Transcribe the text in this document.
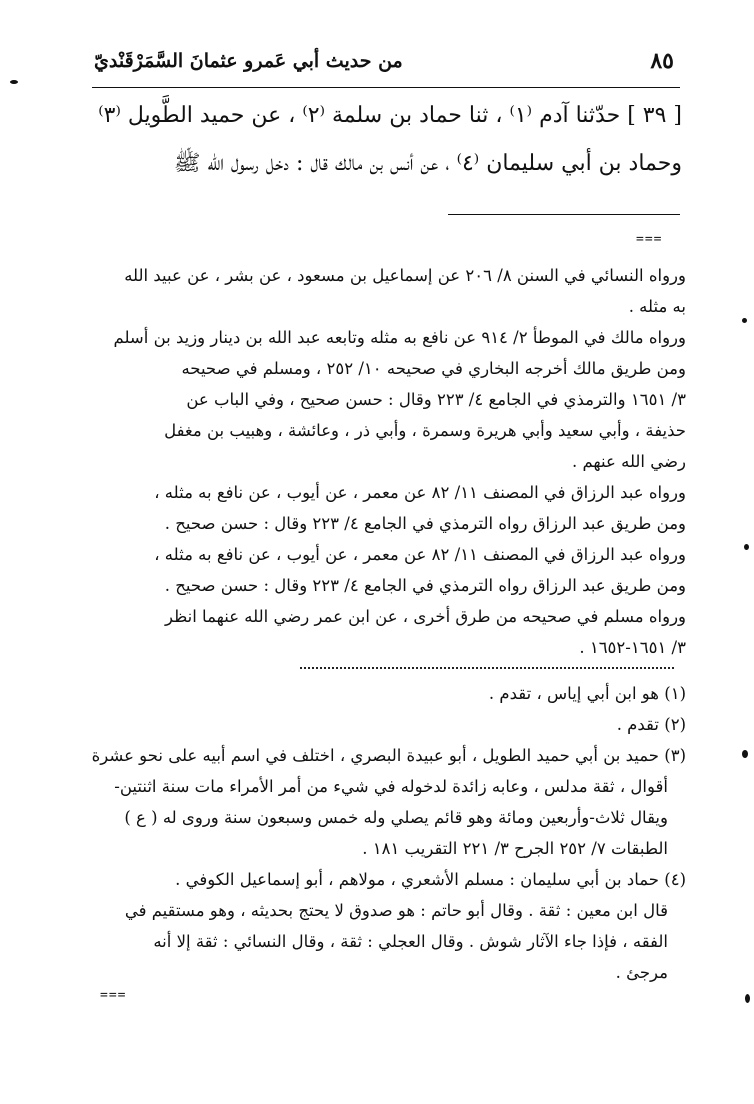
٨٥
من حديث أبي عَمرو عثمانَ السَّمَرْقَنْديّ

[ ٣٩ ] حدّثنا آدم ⁽١⁾ ، ثنا حماد بن سلمة ⁽٢⁾ ، عن حميد الطَّويل ⁽٣⁾

وحماد بن أبي سليمان ⁽٤⁾ ، عن أنس بن مالك قال : دخل رسول الله ﷺ

===

ورواه النسائي في السنن ٨/ ٢٠٦ عن إسماعيل بن مسعود ، عن بشر ، عن عبيد الله

به مثله .

ورواه مالك في الموطأ ٢/ ٩١٤ عن نافع به مثله وتابعه عبد الله بن دينار وزيد بن أسلم

ومن طريق مالك أخرجه البخاري في صحيحه ١٠/ ٢٥٢ ، ومسلم في صحيحه

٣/ ١٦٥١ والترمذي في الجامع ٤/ ٢٢٣ وقال : حسن صحيح ، وفي الباب عن

حذيفة ، وأبي سعيد وأبي هريرة وسمرة ، وأبي ذر ، وعائشة ، وهبيب بن مغفل

رضي الله عنهم .

ورواه عبد الرزاق في المصنف ١١/ ٨٢ عن معمر ، عن أيوب ، عن نافع به مثله ،

ومن طريق عبد الرزاق رواه الترمذي في الجامع ٤/ ٢٢٣ وقال : حسن صحيح .

ورواه عبد الرزاق في المصنف ١١/ ٨٢ عن معمر ، عن أيوب ، عن نافع به مثله ،

ومن طريق عبد الرزاق رواه الترمذي في الجامع ٤/ ٢٢٣ وقال : حسن صحيح .

ورواه مسلم في صحيحه من طرق أخرى ، عن ابن عمر رضي الله عنهما انظر

٣/ ١٦٥١-١٦٥٢ .

(١) هو ابن أبي إياس ، تقدم .

(٢) تقدم .

(٣) حميد بن أبي حميد الطويل ، أبو عبيدة البصري ، اختلف في اسم أبيه على نحو عشرة

أقوال ، ثقة مدلس ، وعابه زائدة لدخوله في شيء من أمر الأمراء مات سنة اثنتين-

ويقال ثلاث-وأربعين ومائة وهو قائم يصلي وله خمس وسبعون سنة وروى له ( ع )

الطبقات ٧/ ٢٥٢ الجرح ٣/ ٢٢١ التقريب ١٨١ .

(٤) حماد بن أبي سليمان : مسلم الأشعري ، مولاهم ، أبو إسماعيل الكوفي .

قال ابن معين : ثقة . وقال أبو حاتم : هو صدوق لا يحتج بحديثه ، وهو مستقيم في

الفقه ، فإذا جاء الآثار شوش . وقال العجلي : ثقة ، وقال النسائي : ثقة إلا أنه

مرجئ .

===
